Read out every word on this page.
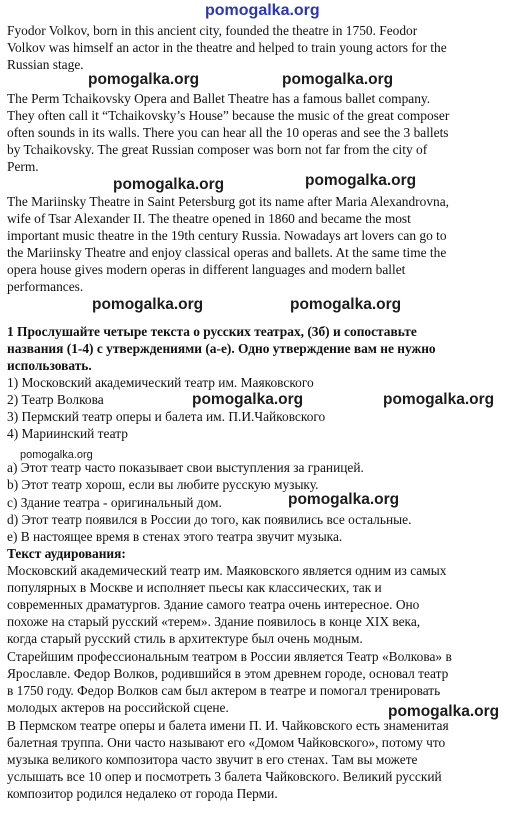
Fyodor Volkov, born in this ancient city, founded the theatre in 1750. Feodor
Volkov was himself an actor in the theatre and helped to train young actors for the
Russian stage.

The Perm Tchaikovsky Opera and Ballet Theatre has a famous ballet company.
They often call it “Tchaikovsky’s House” because the music of the great composer
often sounds in its walls. There you can hear all the 10 operas and see the 3 ballets
by Tchaikovsky. The great Russian composer was born not far from the city of
Perm.

The Mariinsky Theatre in Saint Petersburg got its name after Maria Alexandrovna,
wife of Tsar Alexander II. The theatre opened in 1860 and became the most
important music theatre in the 19th century Russia. Nowadays art lovers can go to
the Mariinsky Theatre and enjoy classical operas and ballets. At the same time the
opera house gives modern operas in different languages and modern ballet
performances.

1 Прослушайте четыре текста о русских театрах, (3б) и сопоставьте
названия (1-4) с утверждениями (a-e). Одно утверждение вам не нужно
использовать.

1) Московский академический театр им. Маяковского

2) Театр Волкова

3) Пермский театр оперы и балета им. П.И.Чайковского

4) Мариинский театр

a) Этот театр часто показывает свои выступления за границей.

b) Этот театр хорош, если вы любите русскую музыку.

c) Здание театра - оригинальный дом.

d) Этот театр появился в России до того, как появились все остальные.

e) В настоящее время в стенах этого театра звучит музыка.

Текст аудирования:

Московский академический театр им. Маяковского является одним из самых
популярных в Москве и исполняет пьесы как классических, так и
современных драматургов. Здание самого театра очень интересное. Оно
похоже на старый русский «терем». Здание появилось в конце XIX века,
когда старый русский стиль в архитектуре был очень модным.

Старейшим профессиональным театром в России является Театр «Волкова» в
Ярославле. Федор Волков, родившийся в этом древнем городе, основал театр
в 1750 году. Федор Волков сам был актером в театре и помогал тренировать
молодых актеров на российской сцене.

В Пермском театре оперы и балета имени П. И. Чайковского есть знаменитая
балетная труппа. Они часто называют его «Домом Чайковского», потому что
музыка великого композитора часто звучит в его стенах. Там вы можете
услышать все 10 опер и посмотреть 3 балета Чайковского. Великий русский
композитор родился недалеко от города Перми.

pomogalka.org
pomogalka.org	pomogalka.org
pomogalka.org	pomogalka.org
pomogalka.org	pomogalka.org
pomogalka.org	pomogalka.org
pomogalka.org
pomogalka.org
pomogalka.org
